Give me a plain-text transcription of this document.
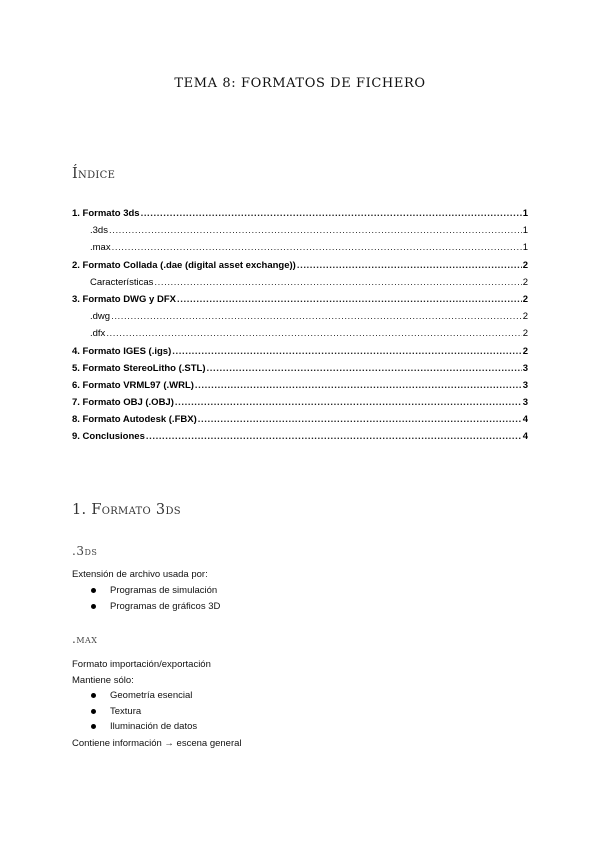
TEMA 8: FORMATOS DE FICHERO
Índice
1. Formato 3ds .....	1
.3ds .....	1
.max .....	1
2. Formato Collada (.dae (digital asset exchange)) .....	2
Características .....	2
3. Formato DWG y DFX .....	2
.dwg .....	2
.dfx .....	2
4. Formato IGES (.igs) .....	2
5. Formato StereoLitho (.STL) .....	3
6. Formato VRML97 (.WRL) .....	3
7. Formato OBJ (.OBJ) .....	3
8. Formato Autodesk (.FBX) .....	4
9. Conclusiones .....	4
1. Formato 3ds
.3ds
Extensión de archivo usada por:
Programas de simulación
Programas de gráficos 3D
.max
Formato importación/exportación
Mantiene sólo:
Geometría esencial
Textura
Iluminación de datos
Contiene información → escena general
